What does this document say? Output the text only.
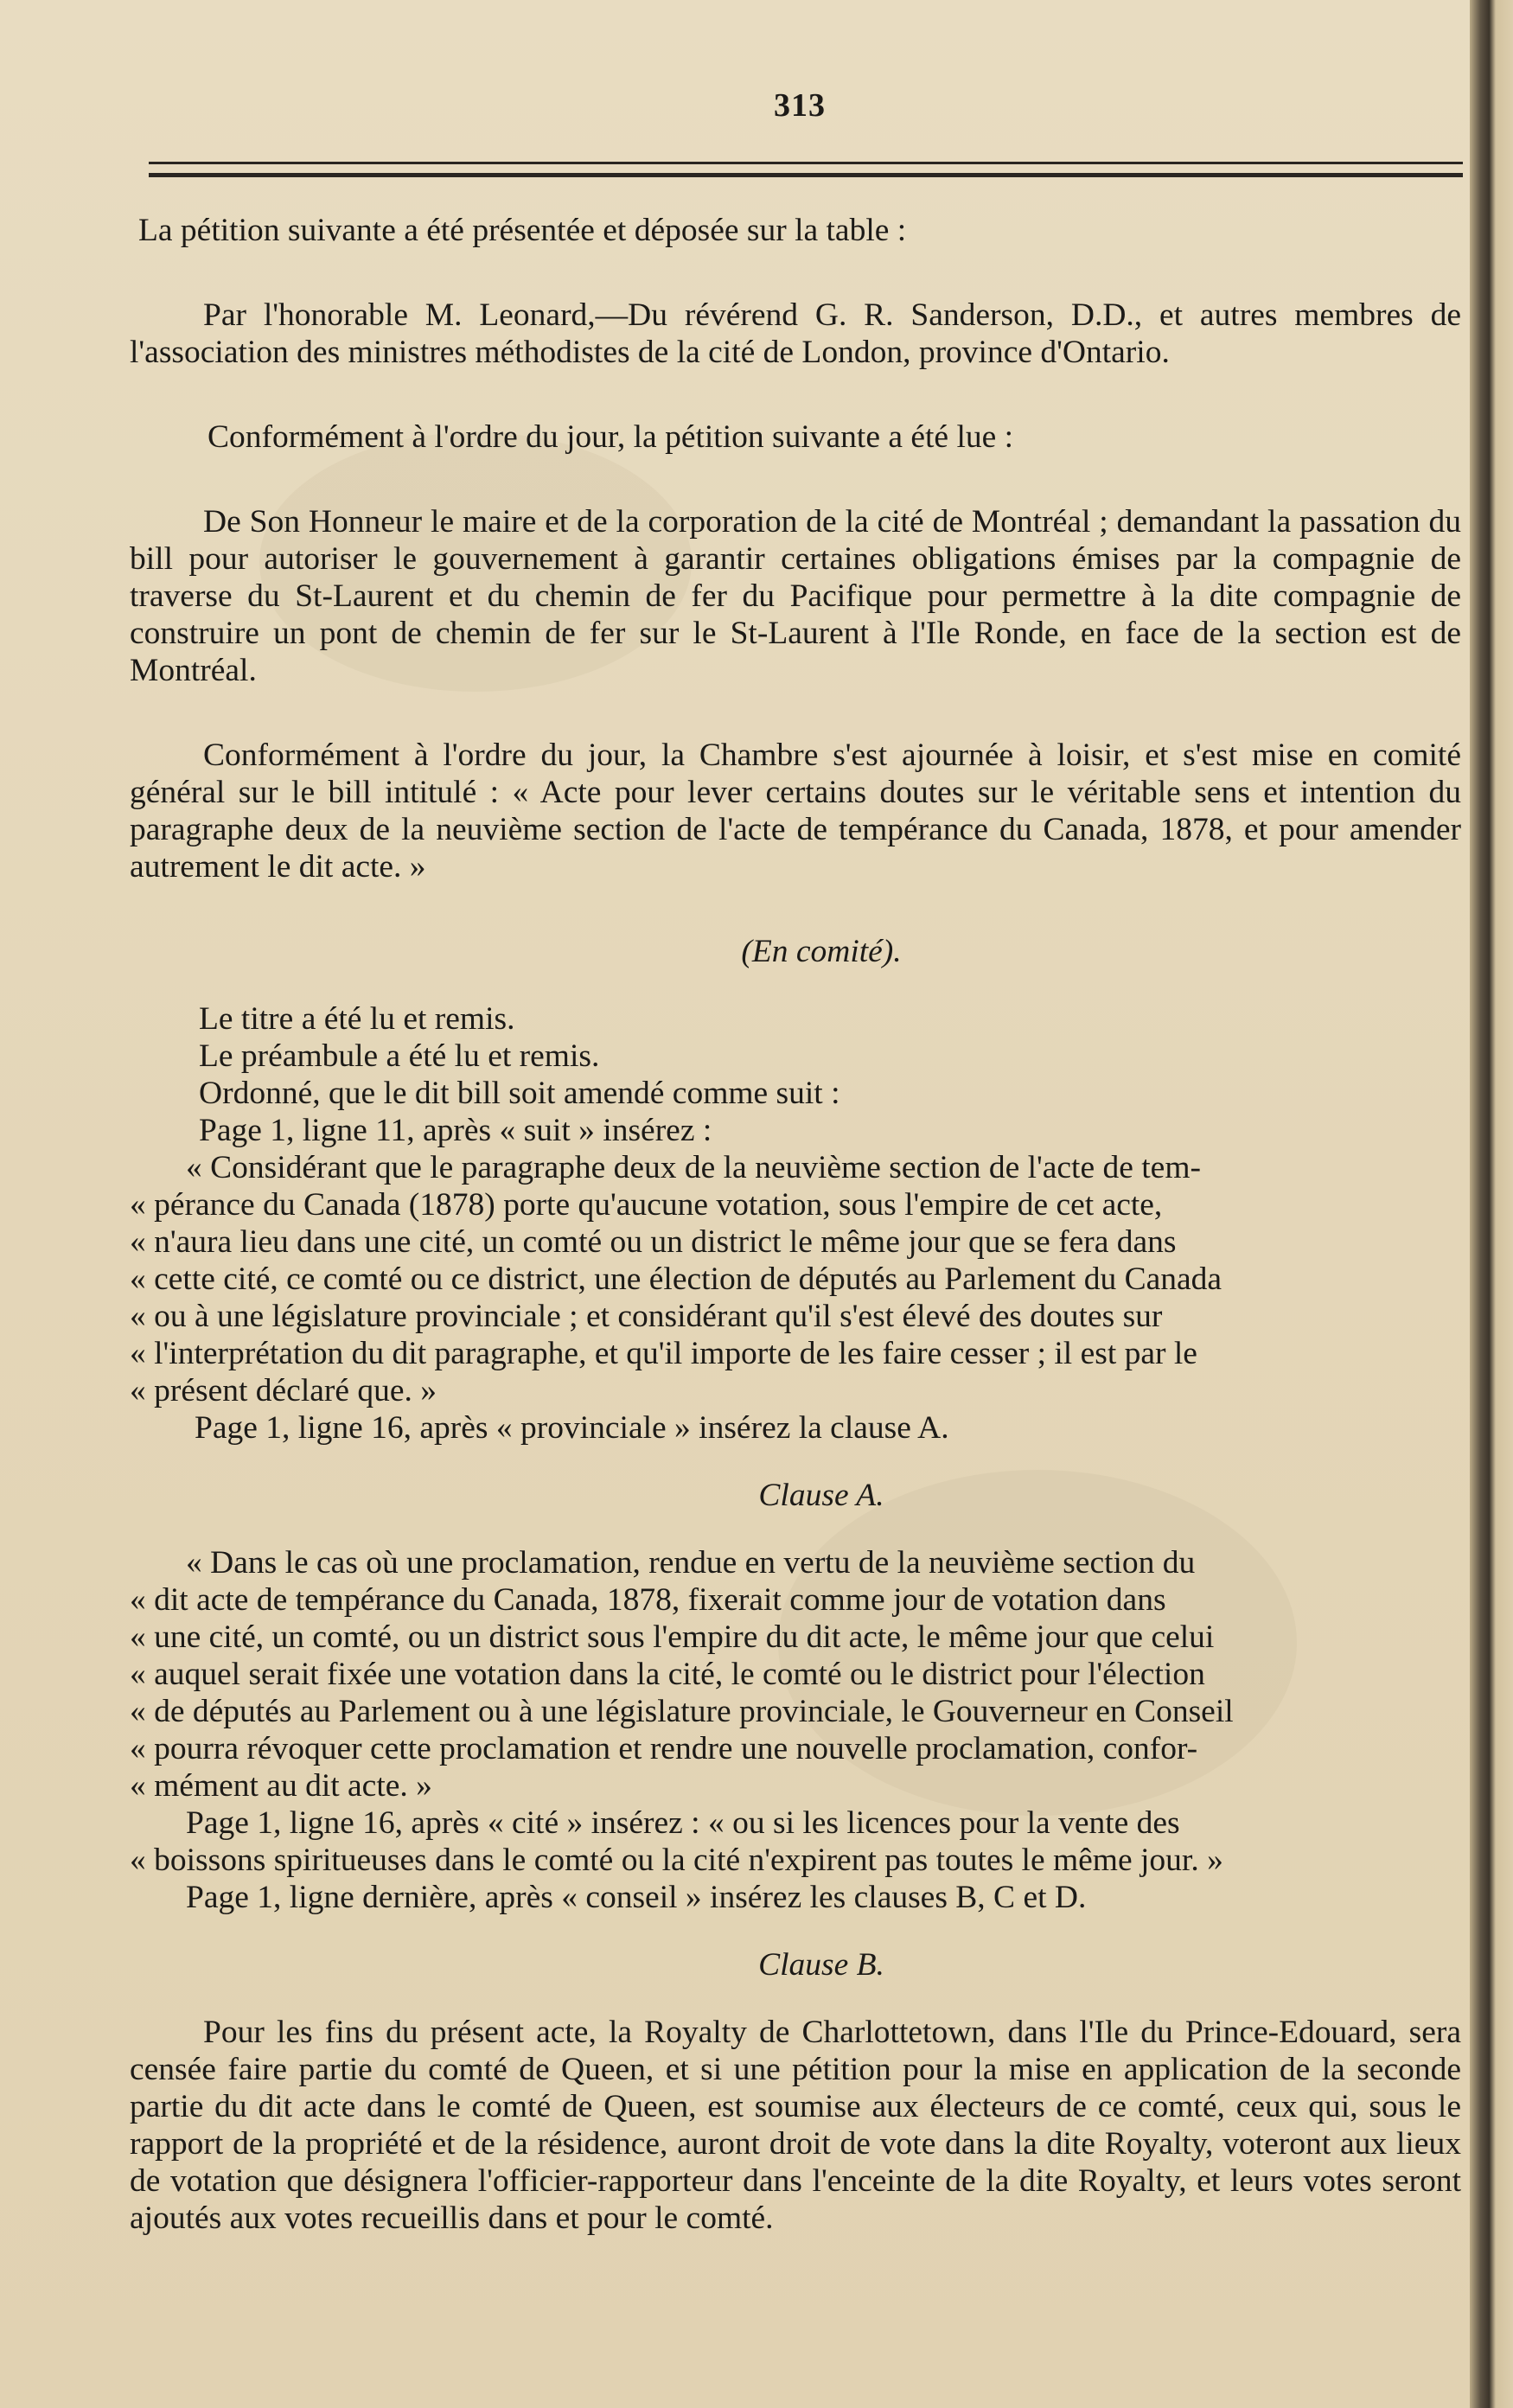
313

La pétition suivante a été présentée et déposée sur la table :

Par l'honorable M. Leonard,—Du révérend G. R. Sanderson, D.D., et autres membres de l'association des ministres méthodistes de la cité de London, province d'Ontario.

Conformément à l'ordre du jour, la pétition suivante a été lue :

De Son Honneur le maire et de la corporation de la cité de Montréal ; demandant la passation du bill pour autoriser le gouvernement à garantir certaines obligations émises par la compagnie de traverse du St-Laurent et du chemin de fer du Pacifique pour permettre à la dite compagnie de construire un pont de chemin de fer sur le St-Laurent à l'Ile Ronde, en face de la section est de Montréal.

Conformément à l'ordre du jour, la Chambre s'est ajournée à loisir, et s'est mise en comité général sur le bill intitulé : « Acte pour lever certains doutes sur le véritable sens et intention du paragraphe deux de la neuvième section de l'acte de tempérance du Canada, 1878, et pour amender autrement le dit acte. »

(En comité).

Le titre a été lu et remis.

Le préambule a été lu et remis.

Ordonné, que le dit bill soit amendé comme suit :

Page 1, ligne 11, après « suit » insérez :

« Considérant que le paragraphe deux de la neuvième section de l'acte de tem-

« pérance du Canada (1878) porte qu'aucune votation, sous l'empire de cet acte,

« n'aura lieu dans une cité, un comté ou un district le même jour que se fera dans

« cette cité, ce comté ou ce district, une élection de députés au Parlement du Canada

« ou à une législature provinciale ; et considérant qu'il s'est élevé des doutes sur

« l'interprétation du dit paragraphe, et qu'il importe de les faire cesser ; il est par le

« présent déclaré que. »

Page 1, ligne 16, après « provinciale » insérez la clause A.

Clause A.

« Dans le cas où une proclamation, rendue en vertu de la neuvième section du

« dit acte de tempérance du Canada, 1878, fixerait comme jour de votation dans

« une cité, un comté, ou un district sous l'empire du dit acte, le même jour que celui

« auquel serait fixée une votation dans la cité, le comté ou le district pour l'élection

« de députés au Parlement ou à une législature provinciale, le Gouverneur en Conseil

« pourra révoquer cette proclamation et rendre une nouvelle proclamation, confor-

« mément au dit acte. »

Page 1, ligne 16, après « cité » insérez : « ou si les licences pour la vente des

« boissons spiritueuses dans le comté ou la cité n'expirent pas toutes le même jour. »

Page 1, ligne dernière, après « conseil » insérez les clauses B, C et D.

Clause B.

Pour les fins du présent acte, la Royalty de Charlottetown, dans l'Ile du Prince-Edouard, sera censée faire partie du comté de Queen, et si une pétition pour la mise en application de la seconde partie du dit acte dans le comté de Queen, est soumise aux électeurs de ce comté, ceux qui, sous le rapport de la propriété et de la résidence, auront droit de vote dans la dite Royalty, voteront aux lieux de votation que désignera l'officier-rapporteur dans l'enceinte de la dite Royalty, et leurs votes seront ajoutés aux votes recueillis dans et pour le comté.
